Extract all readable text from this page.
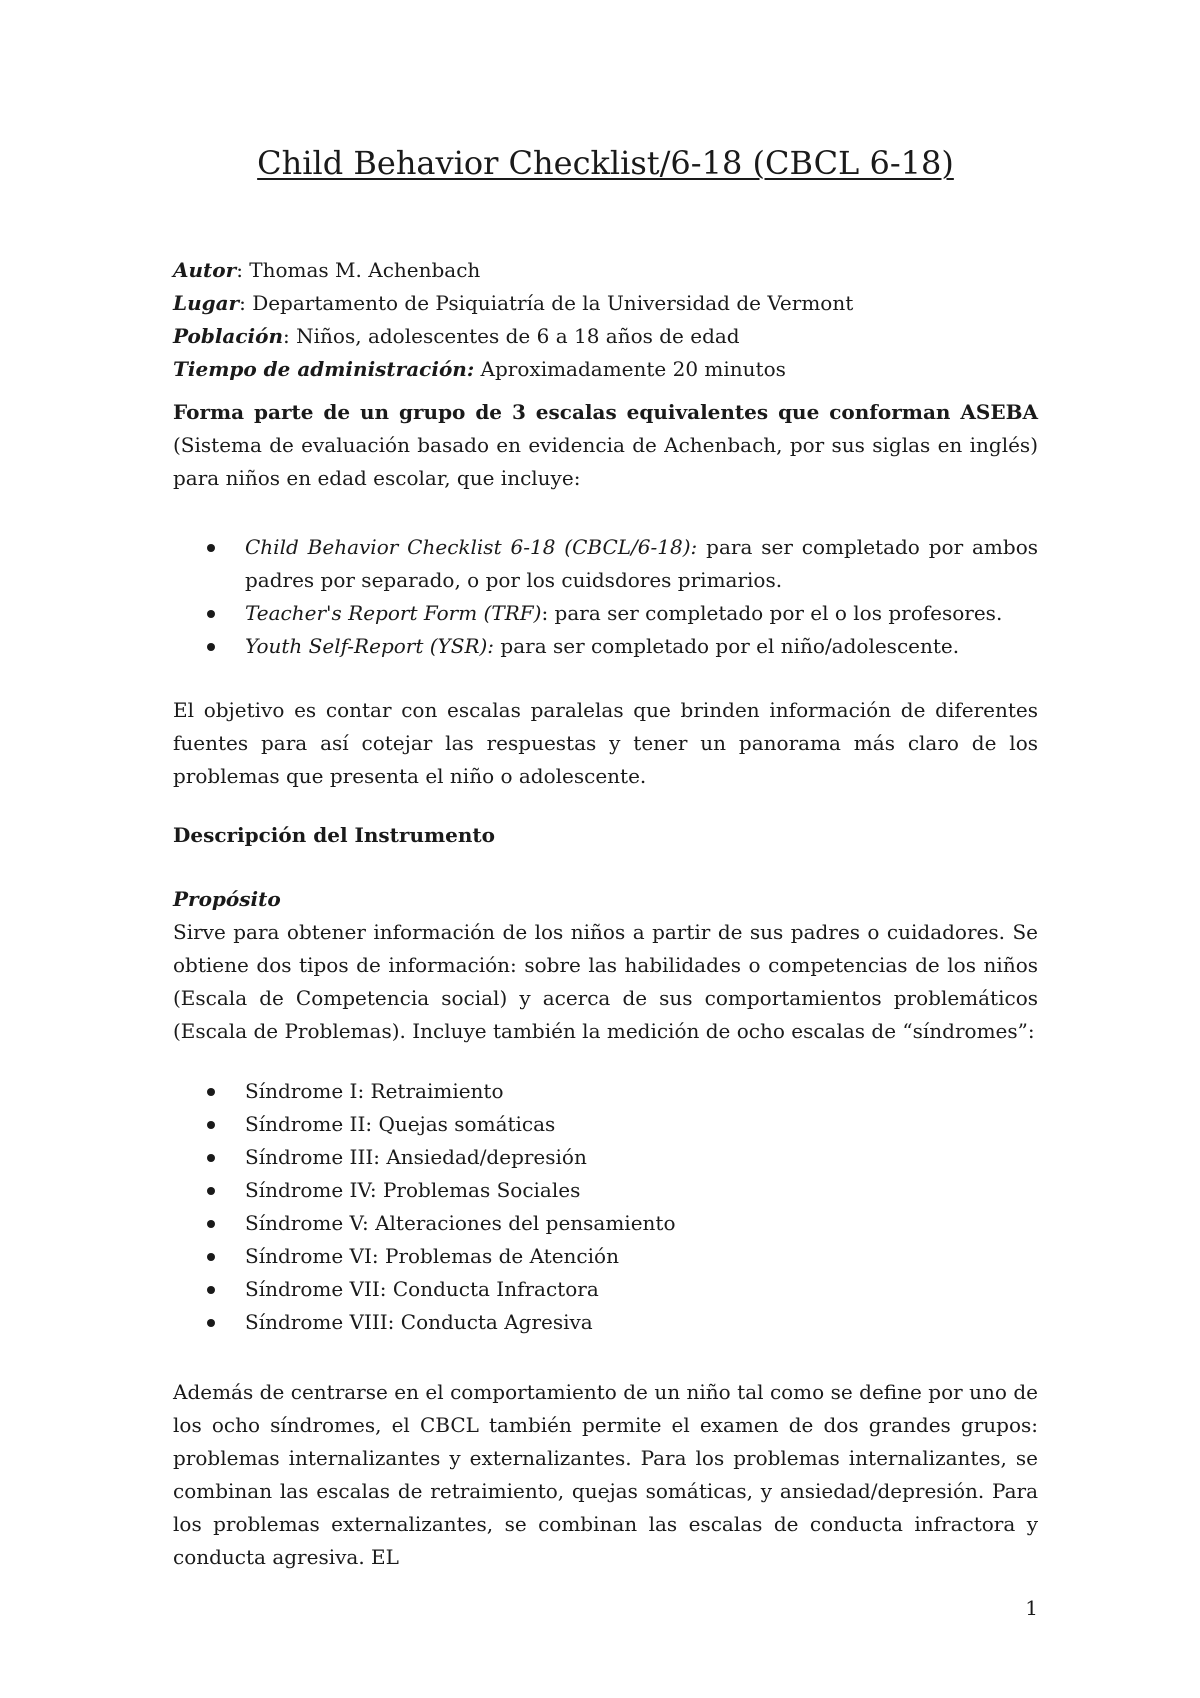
Child Behavior Checklist/6-18 (CBCL 6-18)

Autor: Thomas M. Achenbach

Lugar: Departamento de Psiquiatría de la Universidad de Vermont

Población: Niños, adolescentes de 6 a 18 años de edad

Tiempo de administración: Aproximadamente 20 minutos

Forma parte de un grupo de 3 escalas equivalentes que conforman ASEBA (Sistema de evaluación basado en evidencia de Achenbach, por sus siglas en inglés) para niños en edad escolar, que incluye:

Child Behavior Checklist 6-18 (CBCL/6-18): para ser completado por ambos padres por separado, o por los cuidsdores primarios.
Teacher's Report Form (TRF): para ser completado por el o los profesores.
Youth Self-Report (YSR): para ser completado por el niño/adolescente.

El objetivo es contar con escalas paralelas que brinden información de diferentes fuentes para así cotejar las respuestas y tener un panorama más claro de los problemas que presenta el niño o adolescente.

Descripción del Instrumento

Propósito

Sirve para obtener información de los niños a partir de sus padres o cuidadores. Se obtiene dos tipos de información: sobre las habilidades o competencias de los niños (Escala de Competencia social) y acerca de sus comportamientos problemáticos (Escala de Problemas). Incluye también la medición de ocho escalas de “síndromes”:

Síndrome I: Retraimiento
Síndrome II: Quejas somáticas
Síndrome III: Ansiedad/depresión
Síndrome IV: Problemas Sociales
Síndrome V: Alteraciones del pensamiento
Síndrome VI: Problemas de Atención
Síndrome VII: Conducta Infractora
Síndrome VIII: Conducta Agresiva

Además de centrarse en el comportamiento de un niño tal como se define por uno de los ocho síndromes, el CBCL también permite el examen de dos grandes grupos: problemas internalizantes y externalizantes. Para los problemas internalizantes, se combinan las escalas de retraimiento, quejas somáticas, y ansiedad/depresión. Para los problemas externalizantes, se combinan las escalas de conducta infractora y conducta agresiva. EL

1
